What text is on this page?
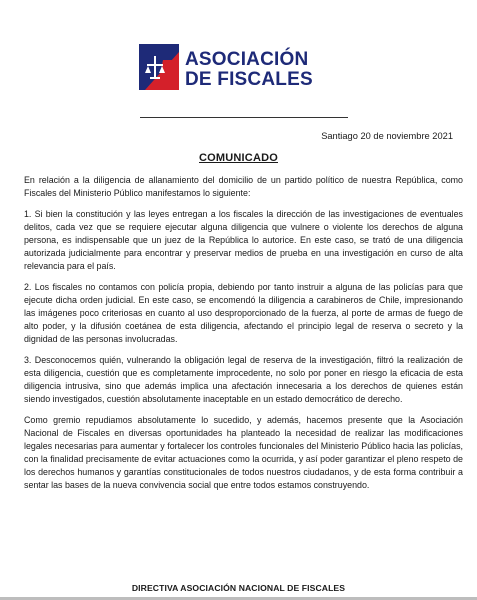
ASOCIACIÓN
DE FISCALES
Santiago 20 de noviembre 2021
COMUNICADO

En relación a la diligencia de allanamiento del domicilio de un partido político de nuestra República, como Fiscales del Ministerio Público manifestamos lo siguiente:

1. Si bien la constitución y las leyes entregan a los fiscales la dirección de las investigaciones de eventuales delitos, cada vez que se requiere ejecutar alguna diligencia que vulnere o violente los derechos de alguna persona, es indispensable que un juez de la República lo autorice. En este caso, se trató de una diligencia autorizada judicialmente para encontrar y preservar medios de prueba en una investigación en curso de alta relevancia para el país.

2. Los fiscales no contamos con policía propia, debiendo por tanto instruir a alguna de las policías para que ejecute dicha orden judicial. En este caso, se encomendó la diligencia a carabineros de Chile, impresionando las imágenes poco criteriosas en cuanto al uso desproporcionado de la fuerza, al porte de armas de fuego de alto poder, y la difusión coetánea de esta diligencia, afectando el principio legal de reserva o secreto y la dignidad de las personas involucradas.

3. Desconocemos quién, vulnerando la obligación legal de reserva de la investigación, filtró la realización de esta diligencia, cuestión que es completamente improcedente, no solo por poner en riesgo la eficacia de esta diligencia intrusiva, sino que además implica una afectación innecesaria a los derechos de quienes están siendo investigados, cuestión absolutamente inaceptable en un estado democrático de derecho.

Como gremio repudiamos absolutamente lo sucedido, y además, hacemos presente que la Asociación Nacional de Fiscales en diversas oportunidades ha planteado la necesidad de realizar las modificaciones legales necesarias para aumentar y fortalecer los controles funcionales del Ministerio Público hacia las policías, con la finalidad precisamente de evitar actuaciones como la ocurrida, y así poder garantizar el pleno respeto de los derechos humanos y garantías constitucionales de todos nuestros ciudadanos, y de esta forma contribuir a sentar las bases de la nueva convivencia social que entre todos estamos construyendo.

DIRECTIVA ASOCIACIÓN NACIONAL DE FISCALES
